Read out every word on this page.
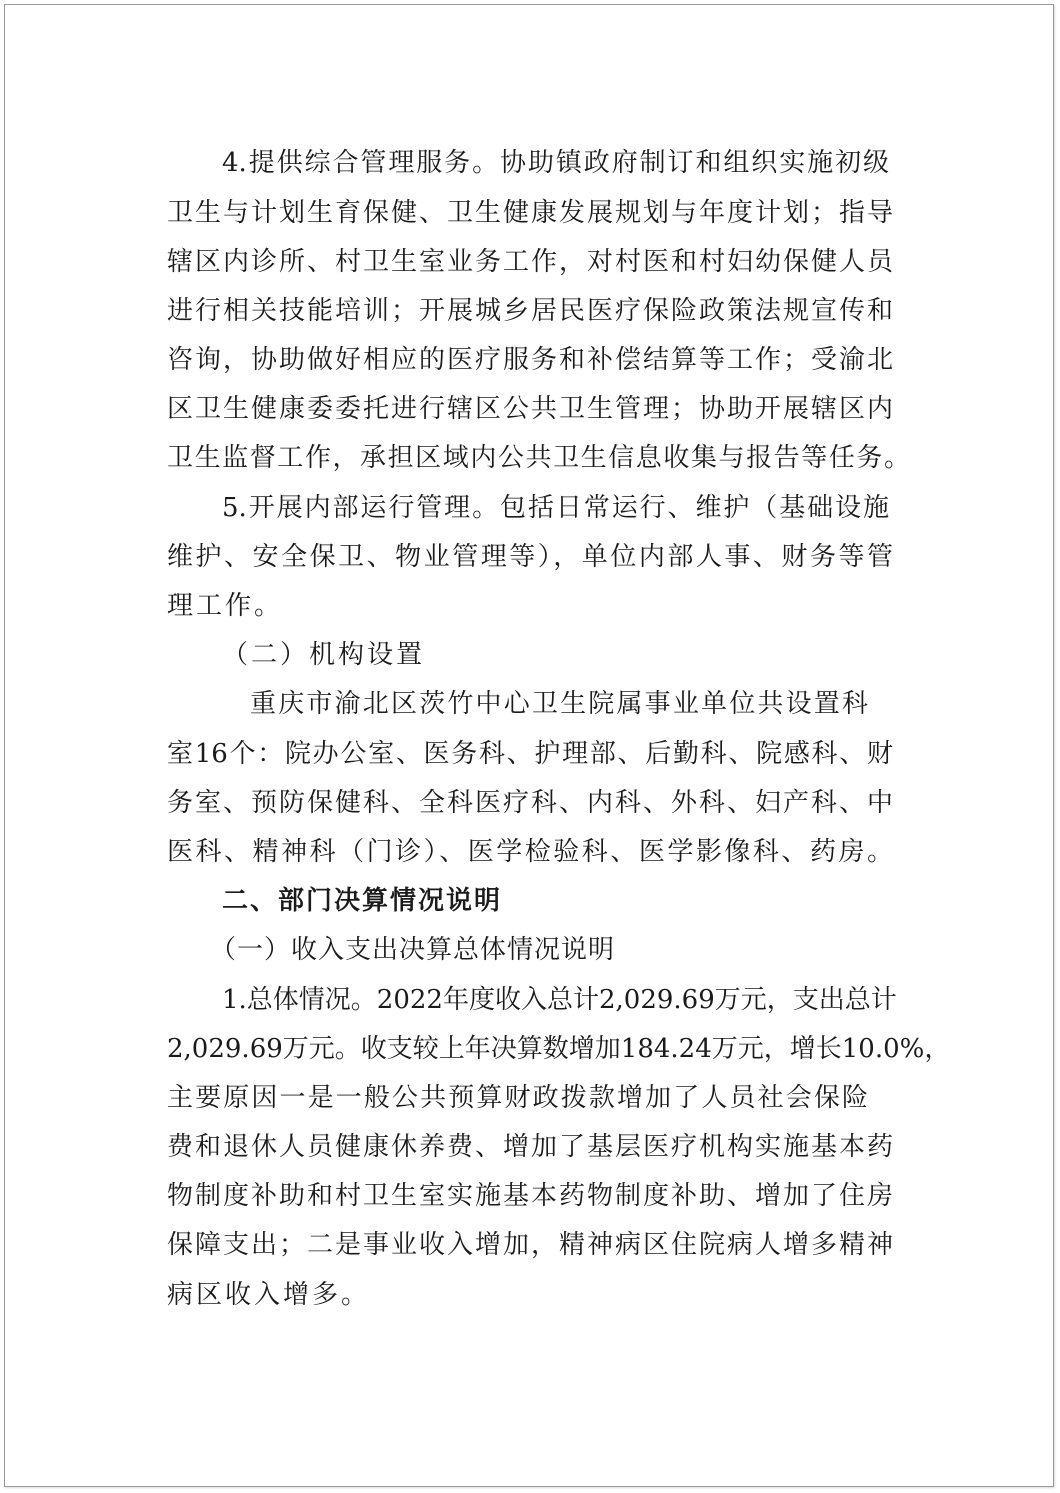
4.提供综合管理服务。协助镇政府制订和组织实施初级
卫生与计划生育保健、卫生健康发展规划与年度计划；指导
辖区内诊所、村卫生室业务工作，对村医和村妇幼保健人员
进行相关技能培训；开展城乡居民医疗保险政策法规宣传和
咨询，协助做好相应的医疗服务和补偿结算等工作；受渝北
区卫生健康委委托进行辖区公共卫生管理；协助开展辖区内
卫生监督工作，承担区域内公共卫生信息收集与报告等任务。
5.开展内部运行管理。包括日常运行、维护（基础设施
维护、安全保卫、物业管理等），单位内部人事、财务等管
理工作。
（二）机构设置
重庆市渝北区茨竹中心卫生院属事业单位共设置科
室16个：院办公室、医务科、护理部、后勤科、院感科、财
务室、预防保健科、全科医疗科、内科、外科、妇产科、中
医科、精神科（门诊）、医学检验科、医学影像科、药房。
二、部门决算情况说明
（一）收入支出决算总体情况说明
1.总体情况。2022年度收入总计2,029.69万元，支出总计
2,029.69万元。收支较上年决算数增加184.24万元，增长10.0%，
主要原因一是一般公共预算财政拨款增加了人员社会保险
费和退休人员健康休养费、增加了基层医疗机构实施基本药
物制度补助和村卫生室实施基本药物制度补助、增加了住房
保障支出；二是事业收入增加，精神病区住院病人增多精神
病区收入增多。
